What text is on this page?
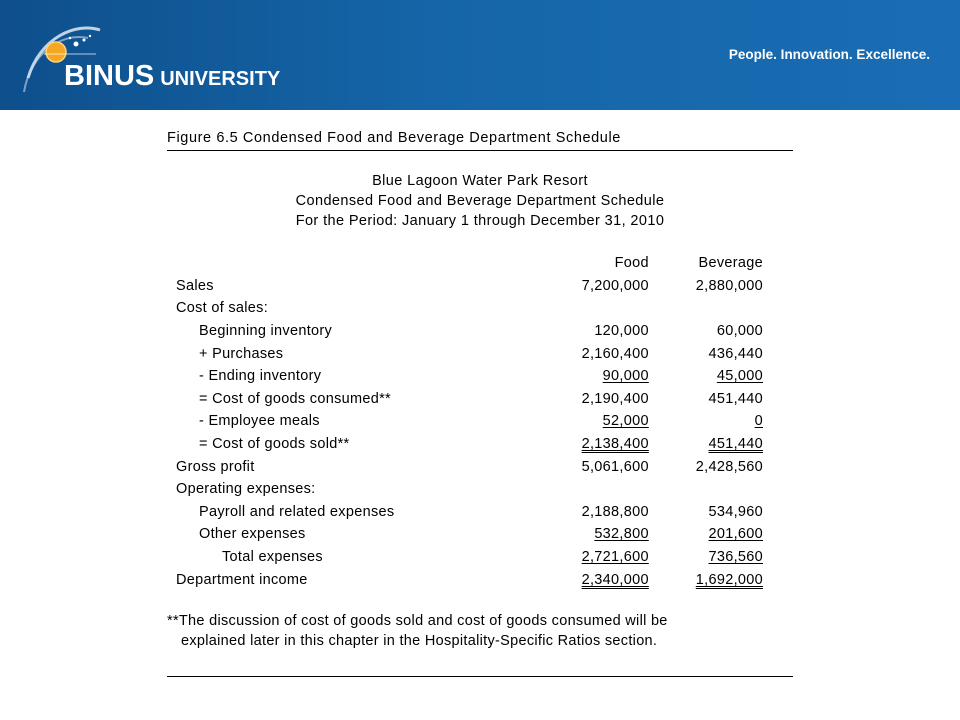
BINUS UNIVERSITY
People. Innovation. Excellence.
Figure 6.5 Condensed Food and Beverage Department Schedule
Blue Lagoon Water Park Resort
Condensed Food and Beverage Department Schedule
For the Period: January 1 through December 31, 2010
	Food		Beverage
Sales	7,200,000		2,880,000
Cost of sales:			
Beginning inventory	120,000		60,000
+ Purchases	2,160,400		436,440
- Ending inventory	90,000		45,000
= Cost of goods consumed**	2,190,400		451,440
- Employee meals	52,000		0
= Cost of goods sold**	2,138,400		451,440
Gross profit	5,061,600		2,428,560
Operating expenses:			
Payroll and related expenses	2,188,800		534,960
Other expenses	532,800		201,600
Total expenses	2,721,600		736,560
Department income	2,340,000		1,692,000
**The discussion of cost of goods sold and cost of goods consumed will be
explained later in this chapter in the Hospitality-Specific Ratios section.
